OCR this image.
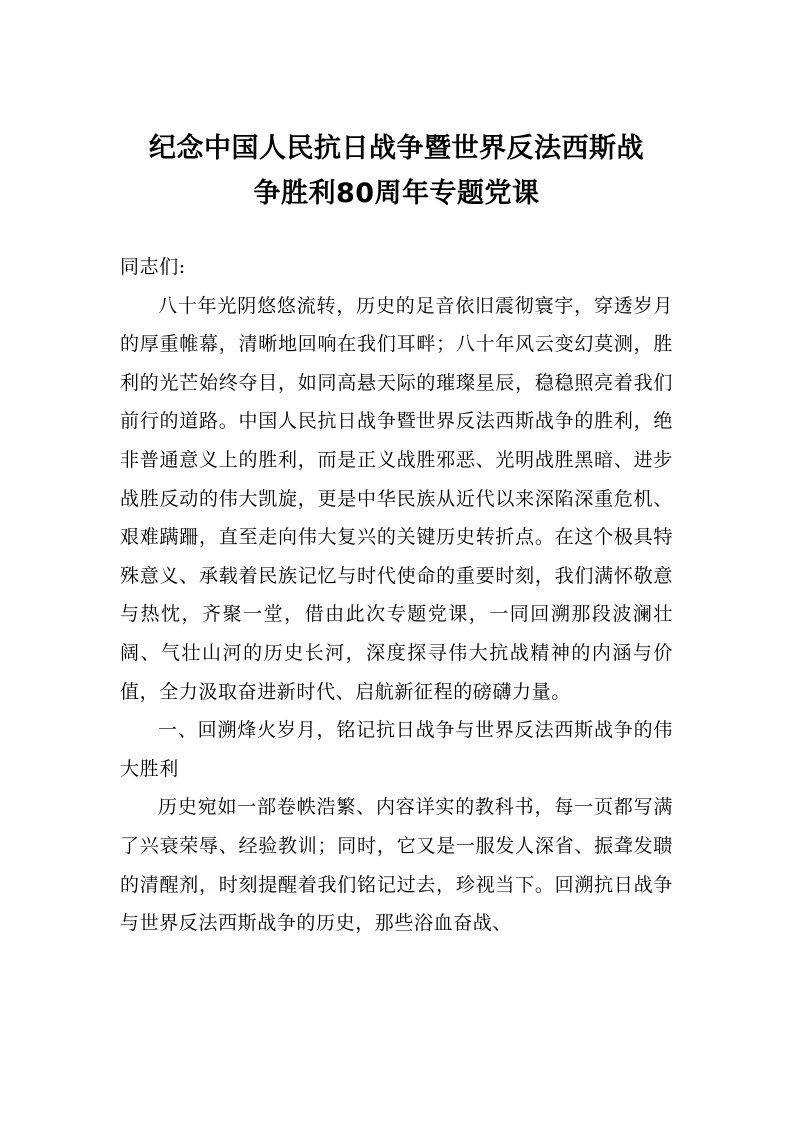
纪念中国人民抗日战争暨世界反法西斯战
争胜利80周年专题党课

同志们:

八十年光阴悠悠流转，历史的足音依旧震彻寰宇，穿透岁月的厚重帷幕，清晰地回响在我们耳畔；八十年风云变幻莫测，胜利的光芒始终夺目，如同高悬天际的璀璨星辰，稳稳照亮着我们前行的道路。中国人民抗日战争暨世界反法西斯战争的胜利，绝非普通意义上的胜利，而是正义战胜邪恶、光明战胜黑暗、进步战胜反动的伟大凯旋，更是中华民族从近代以来深陷深重危机、艰难蹒跚，直至走向伟大复兴的关键历史转折点。在这个极具特殊意义、承载着民族记忆与时代使命的重要时刻，我们满怀敬意与热忱，齐聚一堂，借由此次专题党课，一同回溯那段波澜壮阔、气壮山河的历史长河，深度探寻伟大抗战精神的内涵与价值，全力汲取奋进新时代、启航新征程的磅礴力量。

一、回溯烽火岁月，铭记抗日战争与世界反法西斯战争的伟大胜利

历史宛如一部卷帙浩繁、内容详实的教科书，每一页都写满了兴衰荣辱、经验教训；同时，它又是一服发人深省、振聋发聩的清醒剂，时刻提醒着我们铭记过去，珍视当下。回溯抗日战争与世界反法西斯战争的历史，那些浴血奋战、
